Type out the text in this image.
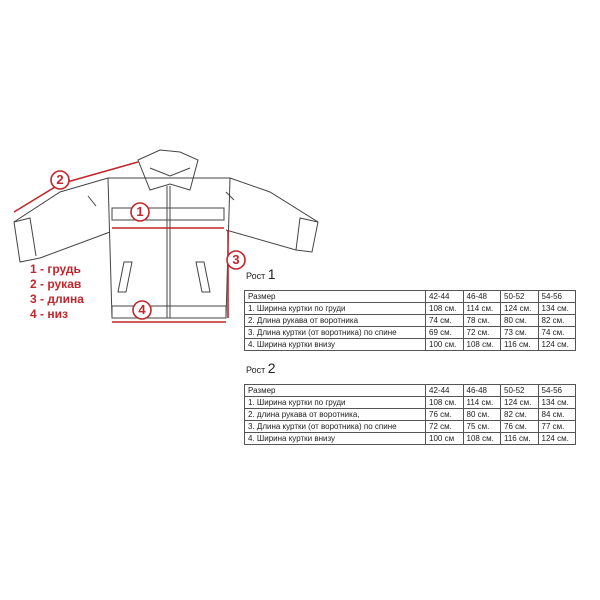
1
2
3
4
1 - грудь
2 - рукав
3 - длина
4 - низ
Рост 1
Размер	42-44	46-48	50-52	54-56
1. Ширина куртки по груди	108 см.	114 см.	124 см.	134 см.
2. Длина рукава от воротника	74 см.	78 см.	80 см.	82 см.
3. Длина куртки (от воротника) по спине	69 см.	72 см.	73 см.	74 см.
4. Ширина куртки внизу	100 см.	108 см.	116 см.	124 см.
Рост 2
Размер	42-44	46-48	50-52	54-56
1. Ширина куртки по груди	108 см.	114 см.	124 см.	134 см.
2. длина рукава от воротника,	76 см.	80 см.	82 см.	84 см.
3. Длина куртки (от воротника) по спине	72 см.	75 см.	76 см.	77 см.
4. Ширина куртки внизу	100 см	108 см.	116 см.	124 см.
